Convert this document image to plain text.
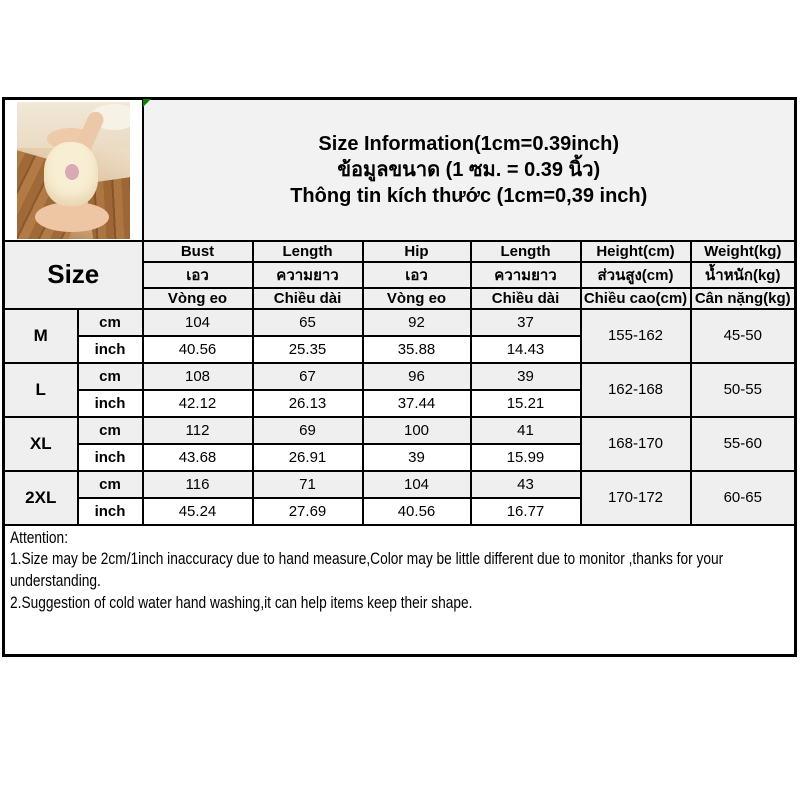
		Size Information(1cm=0.39inch)
ข้อมูลขนาด (1 ซม. = 0.39 นิ้ว)
Thông tin kích thước (1cm=0,39 inch)					

Size		Bust	Length	Hip	Length	Height(cm)	Weight(kg)
		เอว	ความยาว	เอว	ความยาว	ส่วนสูง(cm)	น้ำหนัก(kg)
		Vòng eo	Chiều dài	Vòng eo	Chiều dài	Chiều cao(cm)	Cân nặng(kg)
M	cm	104	65	92	37	155-162	45-50
	inch	40.56	25.35	35.88	14.43		
L	cm	108	67	96	39	162-168	50-55
	inch	42.12	26.13	37.44	15.21		
XL	cm	112	69	100	41	168-170	55-60
	inch	43.68	26.91	39	15.99		
2XL	cm	116	71	104	43	170-172	60-65
	inch	45.24	27.69	40.56	16.77		

Attention:
1.Size may be 2cm/1inch inaccuracy due to hand measure,Color may be little different due to monitor ,thanks for your understanding.
2.Suggestion of cold water hand washing,it can help items keep their shape.							
